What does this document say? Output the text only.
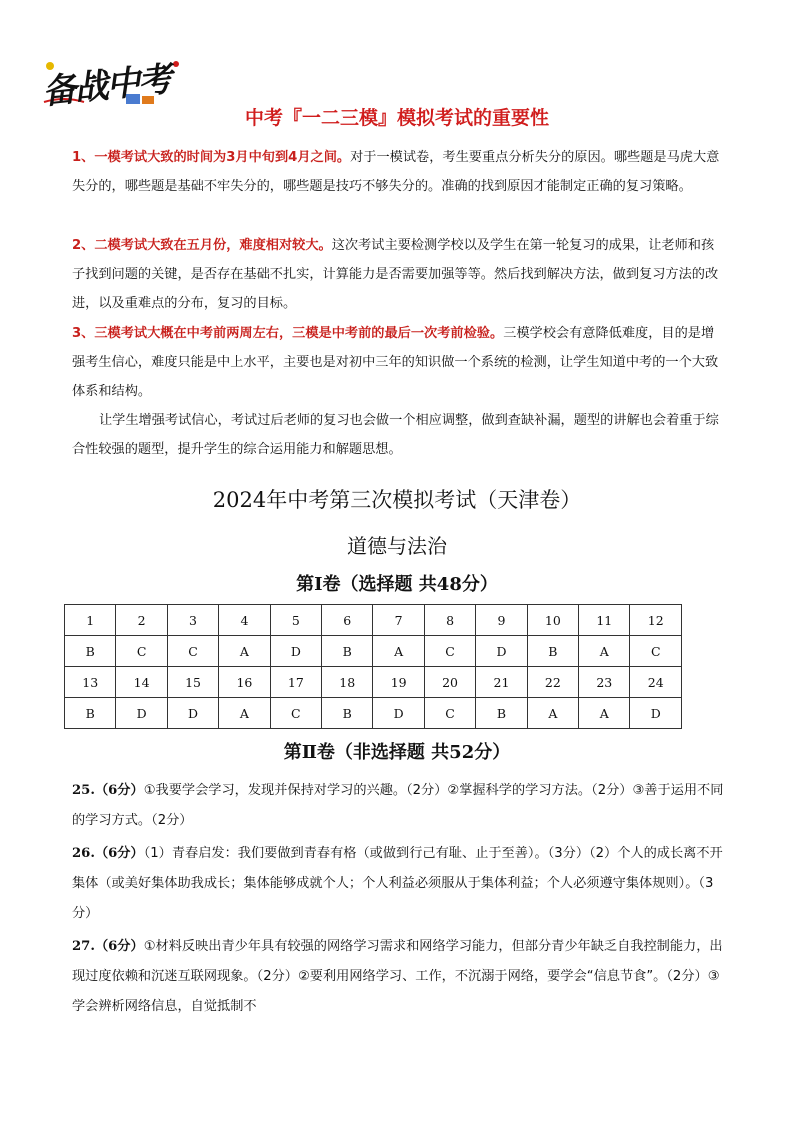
备战中考
中考『一二三模』模拟考试的重要性
1、一模考试大致的时间为3月中旬到4月之间。对于一模试卷，考生要重点分析失分的原因。哪些题是马虎大意失分的，哪些题是基础不牢失分的，哪些题是技巧不够失分的。准确的找到原因才能制定正确的复习策略。
2、二模考试大致在五月份，难度相对较大。这次考试主要检测学校以及学生在第一轮复习的成果，让老师和孩子找到问题的关键，是否存在基础不扎实，计算能力是否需要加强等等。然后找到解决方法，做到复习方法的改进，以及重难点的分布，复习的目标。
3、三模考试大概在中考前两周左右，三模是中考前的最后一次考前检验。三模学校会有意降低难度，目的是增强考生信心，难度只能是中上水平，主要也是对初中三年的知识做一个系统的检测，让学生知道中考的一个大致体系和结构。
让学生增强考试信心，考试过后老师的复习也会做一个相应调整，做到查缺补漏，题型的讲解也会着重于综合性较强的题型，提升学生的综合运用能力和解题思想。
2024年中考第三次模拟考试（天津卷）
道德与法治
第Ⅰ卷（选择题 共48分）
1	2	3	4	5	6	7	8	9	10	11	12
B	C	C	A	D	B	A	C	D	B	A	C
13	14	15	16	17	18	19	20	21	22	23	24
B	D	D	A	C	B	D	C	B	A	A	D
第Ⅱ卷（非选择题 共52分）
25.（6分）①我要学会学习，发现并保持对学习的兴趣。（2分）②掌握科学的学习方法。（2分）③善于运用不同的学习方式。（2分）
26.（6分）（1）青春启发：我们要做到青春有格（或做到行己有耻、止于至善）。（3分）（2）个人的成长离不开集体（或美好集体助我成长；集体能够成就个人；个人利益必须服从于集体利益；个人必须遵守集体规则）。（3分）
27.（6分）①材料反映出青少年具有较强的网络学习需求和网络学习能力，但部分青少年缺乏自我控制能力，出现过度依赖和沉迷互联网现象。（2分）②要利用网络学习、工作，不沉溺于网络，要学会“信息节食”。（2分）③学会辨析网络信息，自觉抵制不
